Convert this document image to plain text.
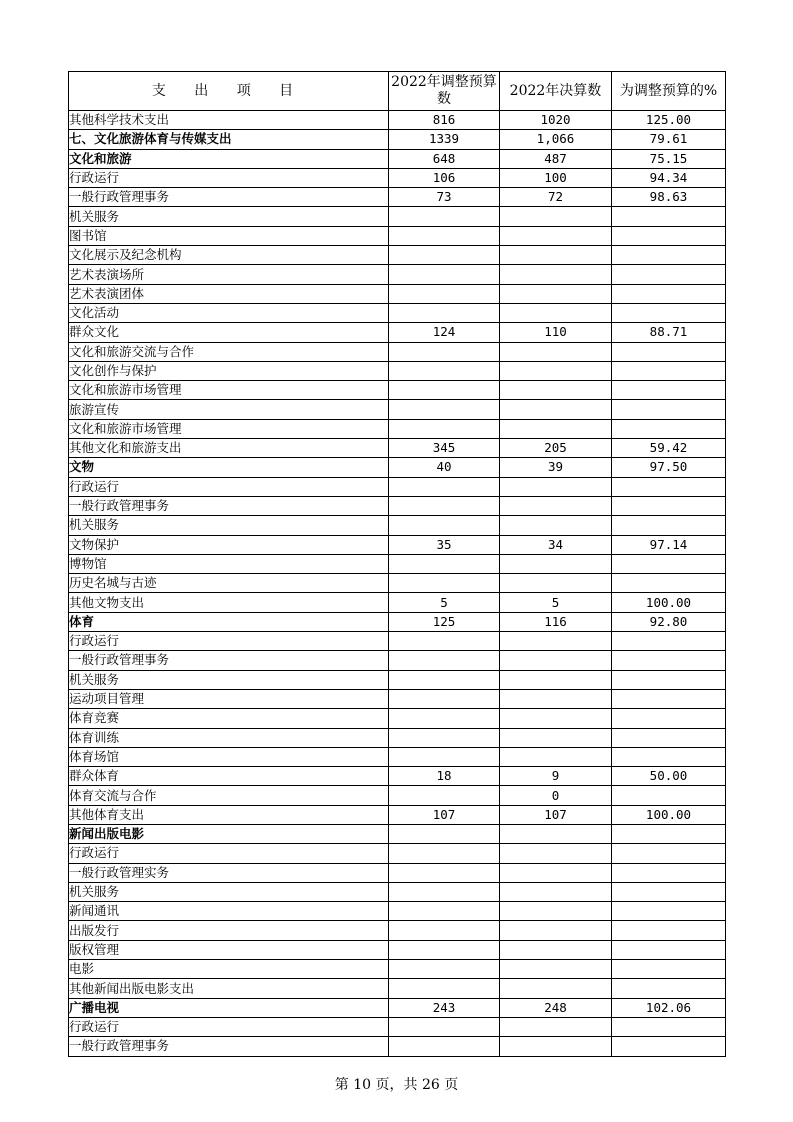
支 出 项 目	2022年调整预算数	2022年决算数	为调整预算的%
其他科学技术支出	816	1020	125.00
七、文化旅游体育与传媒支出	1339	1,066	79.61
文化和旅游	648	487	75.15
行政运行	106	100	94.34
一般行政管理事务	73	72	98.63
机关服务			
图书馆			
文化展示及纪念机构			
艺术表演场所			
艺术表演团体			
文化活动			
群众文化	124	110	88.71
文化和旅游交流与合作			
文化创作与保护			
文化和旅游市场管理			
旅游宣传			
文化和旅游市场管理			
其他文化和旅游支出	345	205	59.42
文物	40	39	97.50
行政运行			
一般行政管理事务			
机关服务			
文物保护	35	34	97.14
博物馆			
历史名城与古迹			
其他文物支出	5	5	100.00
体育	125	116	92.80
行政运行			
一般行政管理事务			
机关服务			
运动项目管理			
体育竞赛			
体育训练			
体育场馆			
群众体育	18	9	50.00
体育交流与合作		0	
其他体育支出	107	107	100.00
新闻出版电影			
行政运行			
一般行政管理实务			
机关服务			
新闻通讯			
出版发行			
版权管理			
电影			
其他新闻出版电影支出			
广播电视	243	248	102.06
行政运行			
一般行政管理事务			
第 10 页，共 26 页
